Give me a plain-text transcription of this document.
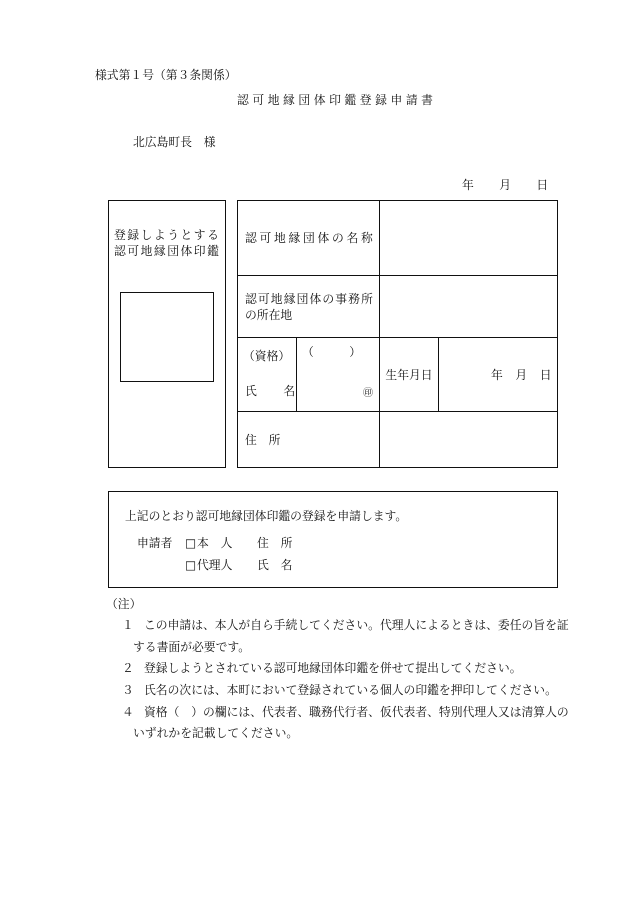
様式第１号（第３条関係）
認可地縁団体印鑑登録申請書
北広島町長　様
年　　月　　日
登録しようとする
認可地縁団体印鑑
認可地縁団体の名称
認可地縁団体の事務所
の所在地
（資格）
氏　　名
（　　　）
㊞
生年月日	年　月　日
住　所
上記のとおり認可地縁団体印鑑の登録を申請します。
申請者 □ 本　人 住　所
□ 代理人 氏　名
（注）
１ この申請は、本人が自ら手続してください。代理人によるときは、委任の旨を証
する書面が必要です。
２ 登録しようとされている認可地縁団体印鑑を併せて提出してください。
３ 氏名の次には、本町において登録されている個人の印鑑を押印してください。
４ 資格（　）の欄には、代表者、職務代行者、仮代表者、特別代理人又は清算人の
いずれかを記載してください。
